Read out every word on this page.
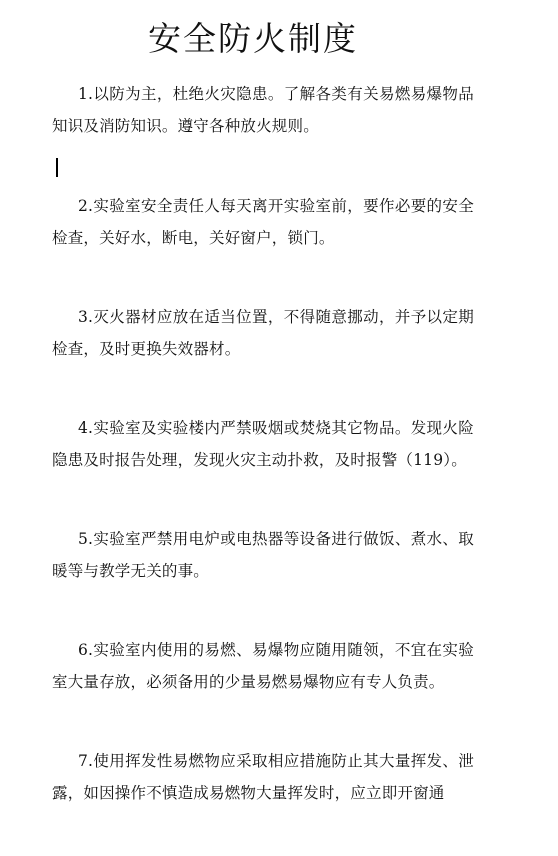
安全防火制度

1.以防为主，杜绝火灾隐患。了解各类有关易燃易爆物品知识及消防知识。遵守各种放火规则。

2.实验室安全责任人每天离开实验室前，要作必要的安全检查，关好水，断电，关好窗户，锁门。

3.灭火器材应放在适当位置，不得随意挪动，并予以定期检查，及时更换失效器材。

4.实验室及实验楼内严禁吸烟或焚烧其它物品。发现火险隐患及时报告处理，发现火灾主动扑救，及时报警（119）。

5.实验室严禁用电炉或电热器等设备进行做饭、煮水、取暖等与教学无关的事。

6.实验室内使用的易燃、易爆物应随用随领，不宜在实验室大量存放，必须备用的少量易燃易爆物应有专人负责。

7.使用挥发性易燃物应采取相应措施防止其大量挥发、泄露，如因操作不慎造成易燃物大量挥发时，应立即开窗通
